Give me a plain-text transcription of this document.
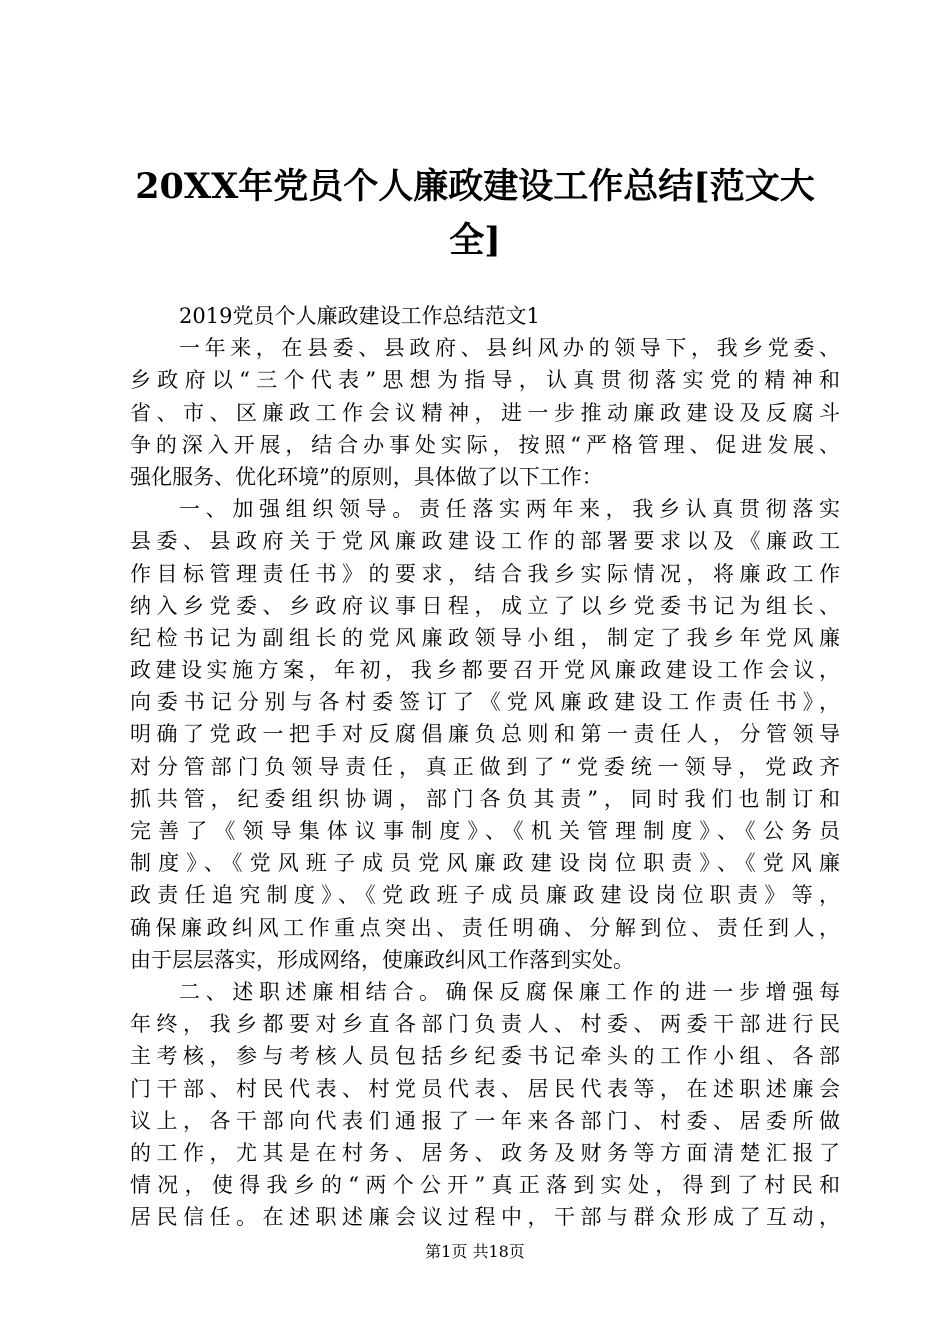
20XX年党员个人廉政建设工作总结[范文大
全]
2019党员个人廉政建设工作总结范文1
一年来，在县委、县政府、县纠风办的领导下，我乡党委、
乡政府以“三个代表”思想为指导，认真贯彻落实党的精神和
省、市、区廉政工作会议精神，进一步推动廉政建设及反腐斗
争的深入开展，结合办事处实际，按照“严格管理、促进发展、
强化服务、优化环境”的原则，具体做了以下工作：
一、加强组织领导。责任落实两年来，我乡认真贯彻落实
县委、县政府关于党风廉政建设工作的部署要求以及《廉政工
作目标管理责任书》的要求，结合我乡实际情况，将廉政工作
纳入乡党委、乡政府议事日程，成立了以乡党委书记为组长、
纪检书记为副组长的党风廉政领导小组，制定了我乡年党风廉
政建设实施方案，年初，我乡都要召开党风廉政建设工作会议，
向委书记分别与各村委签订了《党风廉政建设工作责任书》，
明确了党政一把手对反腐倡廉负总则和第一责任人，分管领导
对分管部门负领导责任，真正做到了“党委统一领导，党政齐
抓共管，纪委组织协调，部门各负其责”，同时我们也制订和
完善了《领导集体议事制度》、《机关管理制度》、《公务员
制度》、《党风班子成员党风廉政建设岗位职责》、《党风廉
政责任追究制度》、《党政班子成员廉政建设岗位职责》等，
确保廉政纠风工作重点突出、责任明确、分解到位、责任到人，
由于层层落实，形成网络，使廉政纠风工作落到实处。
二、述职述廉相结合。确保反腐保廉工作的进一步增强每
年终，我乡都要对乡直各部门负责人、村委、两委干部进行民
主考核，参与考核人员包括乡纪委书记牵头的工作小组、各部
门干部、村民代表、村党员代表、居民代表等，在述职述廉会
议上，各干部向代表们通报了一年来各部门、村委、居委所做
的工作，尤其是在村务、居务、政务及财务等方面清楚汇报了
情况，使得我乡的“两个公开”真正落到实处，得到了村民和
居民信任。在述职述廉会议过程中，干部与群众形成了互动，
第1页 共18页
